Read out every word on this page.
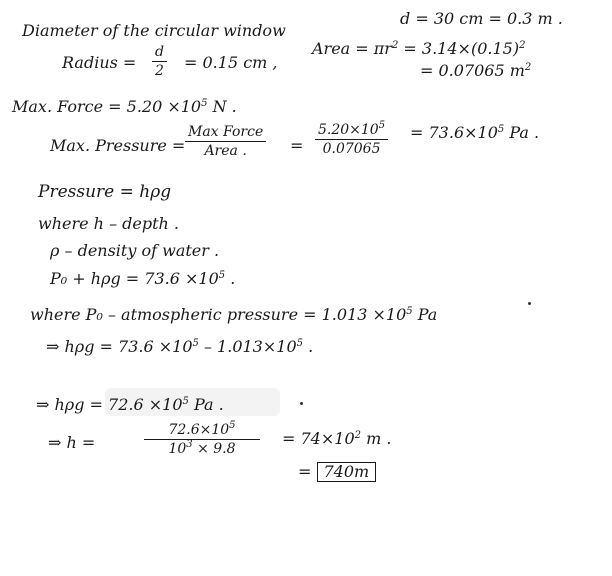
Diameter of the circular window
d = 30 cm = 0.3 m .
Radius = $\frac{d}{2} = 0.15$ cm ,
Area = $\pi r^2 = 3.14\times(0.15)^2$
= 0.07065 $m^2$
Max. Force = $5.20 \times 10^5$ N .
Max. Pressure =
Max Force
Area .	= $\frac{5.20\times 10^5}{0.07065} = 73.6\times 10^5$ Pa .
Pressure = hρg
where h – depth .
ρ – density of water .
$P_0 + h\rho g = 73.6 \times 10^5$ .
where P₀ – atmospheric pressure = $1.013 \times 10^5$ Pa
⇒ $h\rho g = 73.6 \times 10^5 - 1.013\times 10^5$ .
⇒ $h\rho g = 72.6 \times 10^5$ Pa .
⇒ h =	$\frac{72.6\times 10^5}{10^3 \times 9.8} = 74\times 10^2$ m .
= 740m
